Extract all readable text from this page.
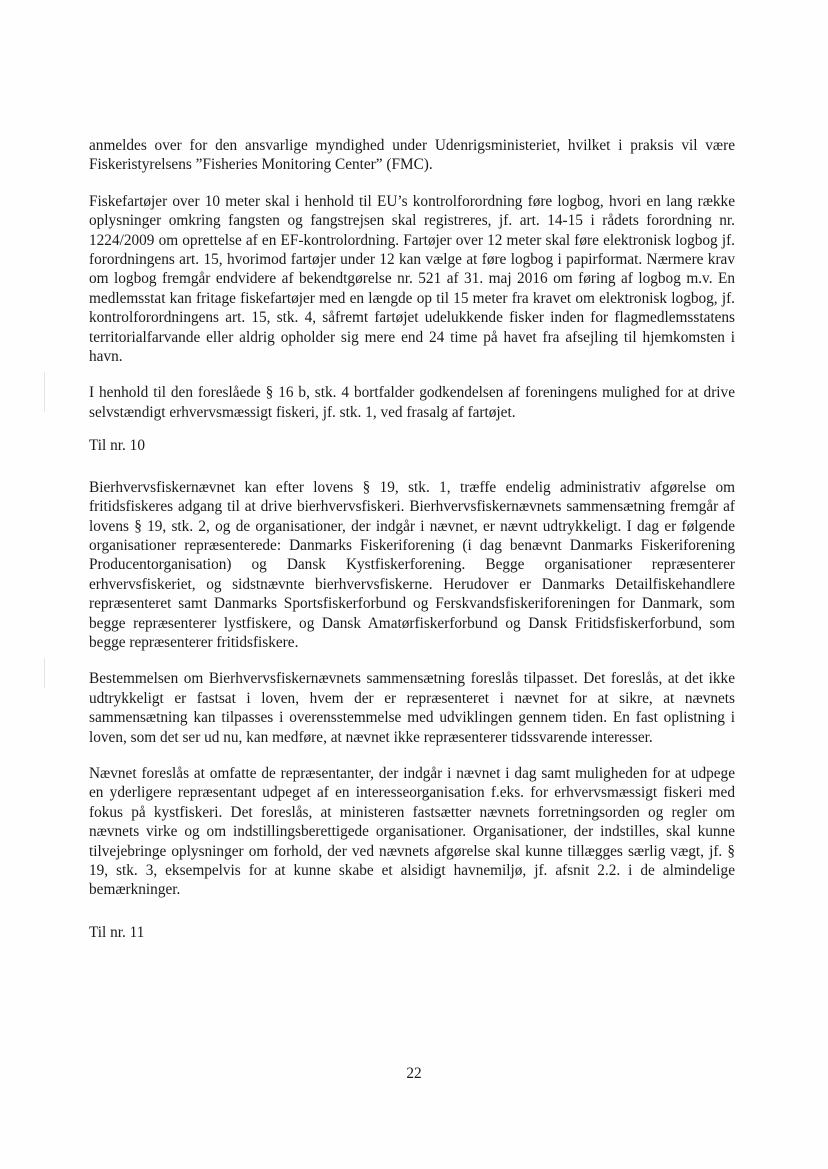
anmeldes over for den ansvarlige myndighed under Udenrigsministeriet, hvilket i praksis vil være Fiskeristyrelsens ”Fisheries Monitoring Center” (FMC).

Fiskefartøjer over 10 meter skal i henhold til EU’s kontrolforordning føre logbog, hvori en lang række oplysninger omkring fangsten og fangstrejsen skal registreres, jf. art. 14-15 i rådets forordning nr. 1224/2009 om oprettelse af en EF-kontrolordning. Fartøjer over 12 meter skal føre elektronisk logbog jf. forordningens art. 15, hvorimod fartøjer under 12 kan vælge at føre logbog i papirformat. Nærmere krav om logbog fremgår endvidere af bekendtgørelse nr. 521 af 31. maj 2016 om føring af logbog m.v. En medlemsstat kan fritage fiskefartøjer med en længde op til 15 meter fra kravet om elektronisk logbog, jf. kontrolforordningens art. 15, stk. 4, såfremt fartøjet udelukkende fisker inden for flagmedlemsstatens territorialfarvande eller aldrig opholder sig mere end 24 time på havet fra afsejling til hjemkomsten i havn.

I henhold til den foreslåede § 16 b, stk. 4 bortfalder godkendelsen af foreningens mulighed for at drive selvstændigt erhvervsmæssigt fiskeri, jf. stk. 1, ved frasalg af fartøjet.

Til nr. 10

Bierhvervsfiskernævnet kan efter lovens § 19, stk. 1, træffe endelig administrativ afgørelse om fritidsfiskeres adgang til at drive bierhvervsfiskeri. Bierhvervsfiskernævnets sammensætning fremgår af lovens § 19, stk. 2, og de organisationer, der indgår i nævnet, er nævnt udtrykkeligt. I dag er følgende organisationer repræsenterede: Danmarks Fiskeriforening (i dag benævnt Danmarks Fiskeriforening Producentorganisation) og Dansk Kystfiskerforening. Begge organisationer repræsenterer erhvervsfiskeriet, og sidstnævnte bierhvervsfiskerne. Herudover er Danmarks Detailfiskehandlere repræsenteret samt Danmarks Sportsfiskerforbund og Ferskvandsfiskeriforeningen for Danmark, som begge repræsenterer lystfiskere, og Dansk Amatørfiskerforbund og Dansk Fritidsfiskerforbund, som begge repræsenterer fritidsfiskere.

Bestemmelsen om Bierhvervsfiskernævnets sammensætning foreslås tilpasset. Det foreslås, at det ikke udtrykkeligt er fastsat i loven, hvem der er repræsenteret i nævnet for at sikre, at nævnets sammensætning kan tilpasses i overensstemmelse med udviklingen gennem tiden. En fast oplistning i loven, som det ser ud nu, kan medføre, at nævnet ikke repræsenterer tidssvarende interesser.

Nævnet foreslås at omfatte de repræsentanter, der indgår i nævnet i dag samt muligheden for at udpege en yderligere repræsentant udpeget af en interesseorganisation f.eks. for erhvervsmæssigt fiskeri med fokus på kystfiskeri. Det foreslås, at ministeren fastsætter nævnets forretningsorden og regler om nævnets virke og om indstillingsberettigede organisationer. Organisationer, der indstilles, skal kunne tilvejebringe oplysninger om forhold, der ved nævnets afgørelse skal kunne tillægges særlig vægt, jf. § 19, stk. 3, eksempelvis for at kunne skabe et alsidigt havnemiljø, jf. afsnit 2.2. i de almindelige bemærkninger.

Til nr. 11

22
